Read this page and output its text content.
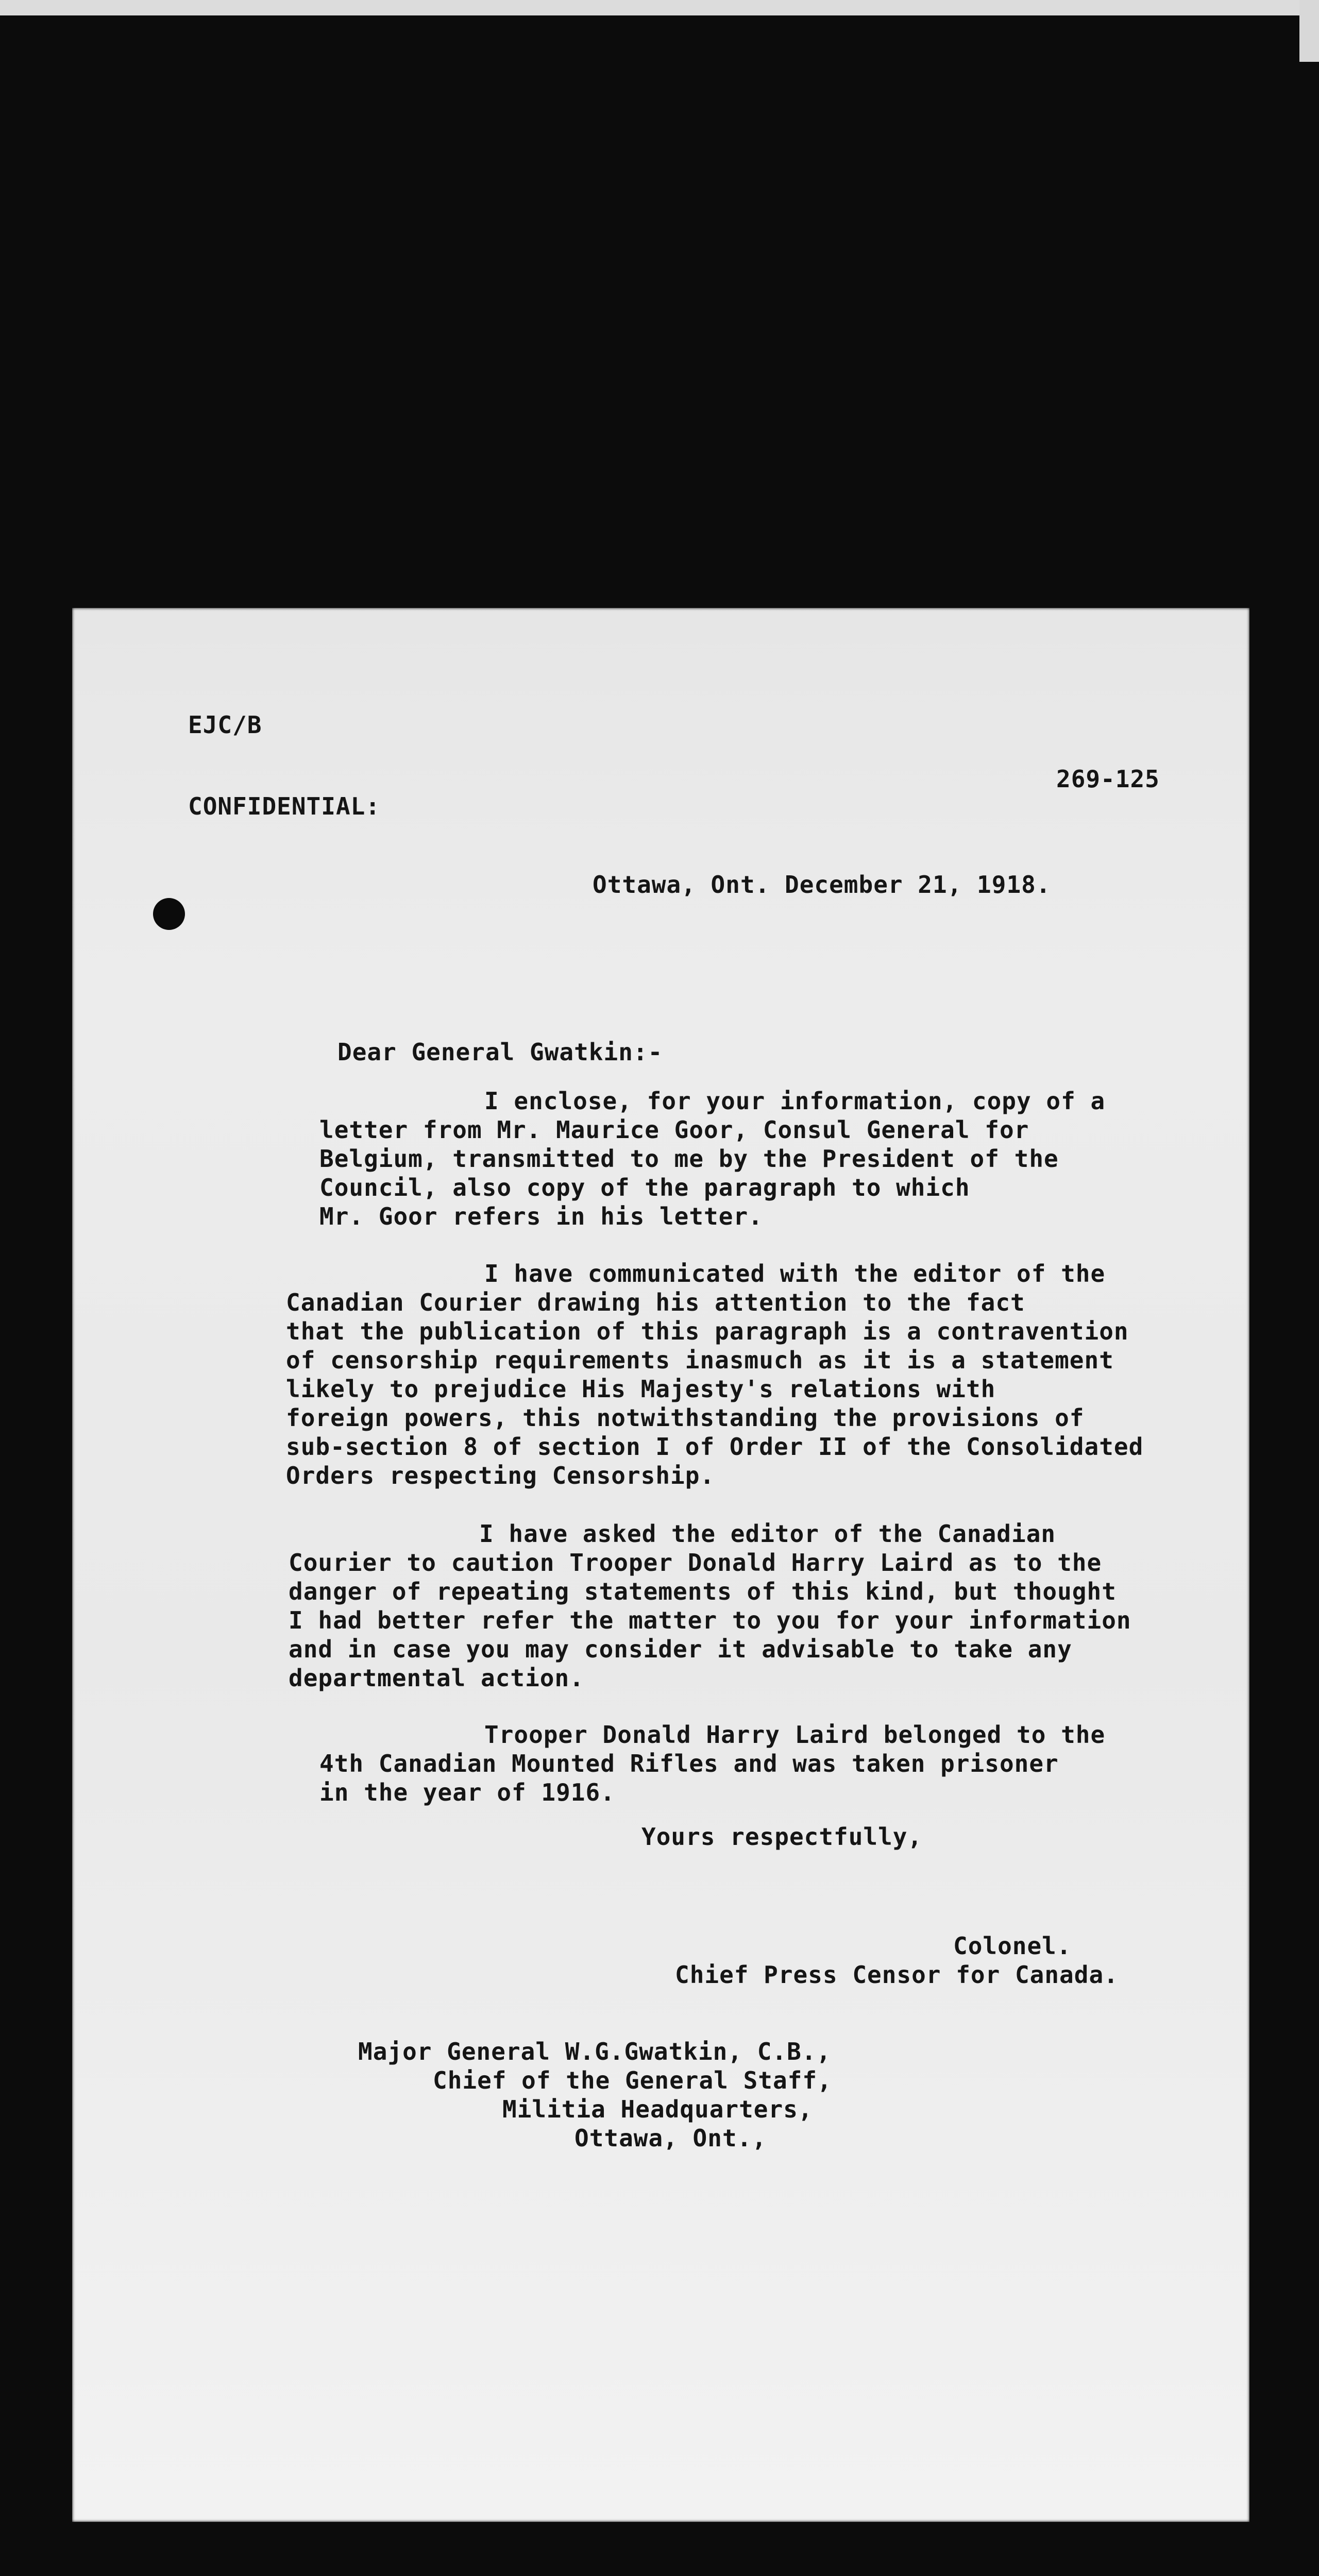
EJC/B
269-125
CONFIDENTIAL:
Ottawa, Ont. December 21, 1918.
Dear General Gwatkin:-
I enclose, for your information, copy of a
letter from Mr. Maurice Goor, Consul General for
Belgium, transmitted to me by the President of the
Council, also copy of the paragraph to which
Mr. Goor refers in his letter.
I have communicated with the editor of the
Canadian Courier drawing his attention to the fact
that the publication of this paragraph is a contravention
of censorship requirements inasmuch as it is a statement
likely to prejudice His Majesty's relations with
foreign powers, this notwithstanding the provisions of
sub-section 8 of section I of Order II of the Consolidated
Orders respecting Censorship.
I have asked the editor of the Canadian
Courier to caution Trooper Donald Harry Laird as to the
danger of repeating statements of this kind, but thought
I had better refer the matter to you for your information
and in case you may consider it advisable to take any
departmental action.
Trooper Donald Harry Laird belonged to the
4th Canadian Mounted Rifles and was taken prisoner
in the year of 1916.
Yours respectfully,
Colonel.
Chief Press Censor for Canada.
Major General W.G.Gwatkin, C.B.,
Chief of the General Staff,
Militia Headquarters,
Ottawa, Ont.,
